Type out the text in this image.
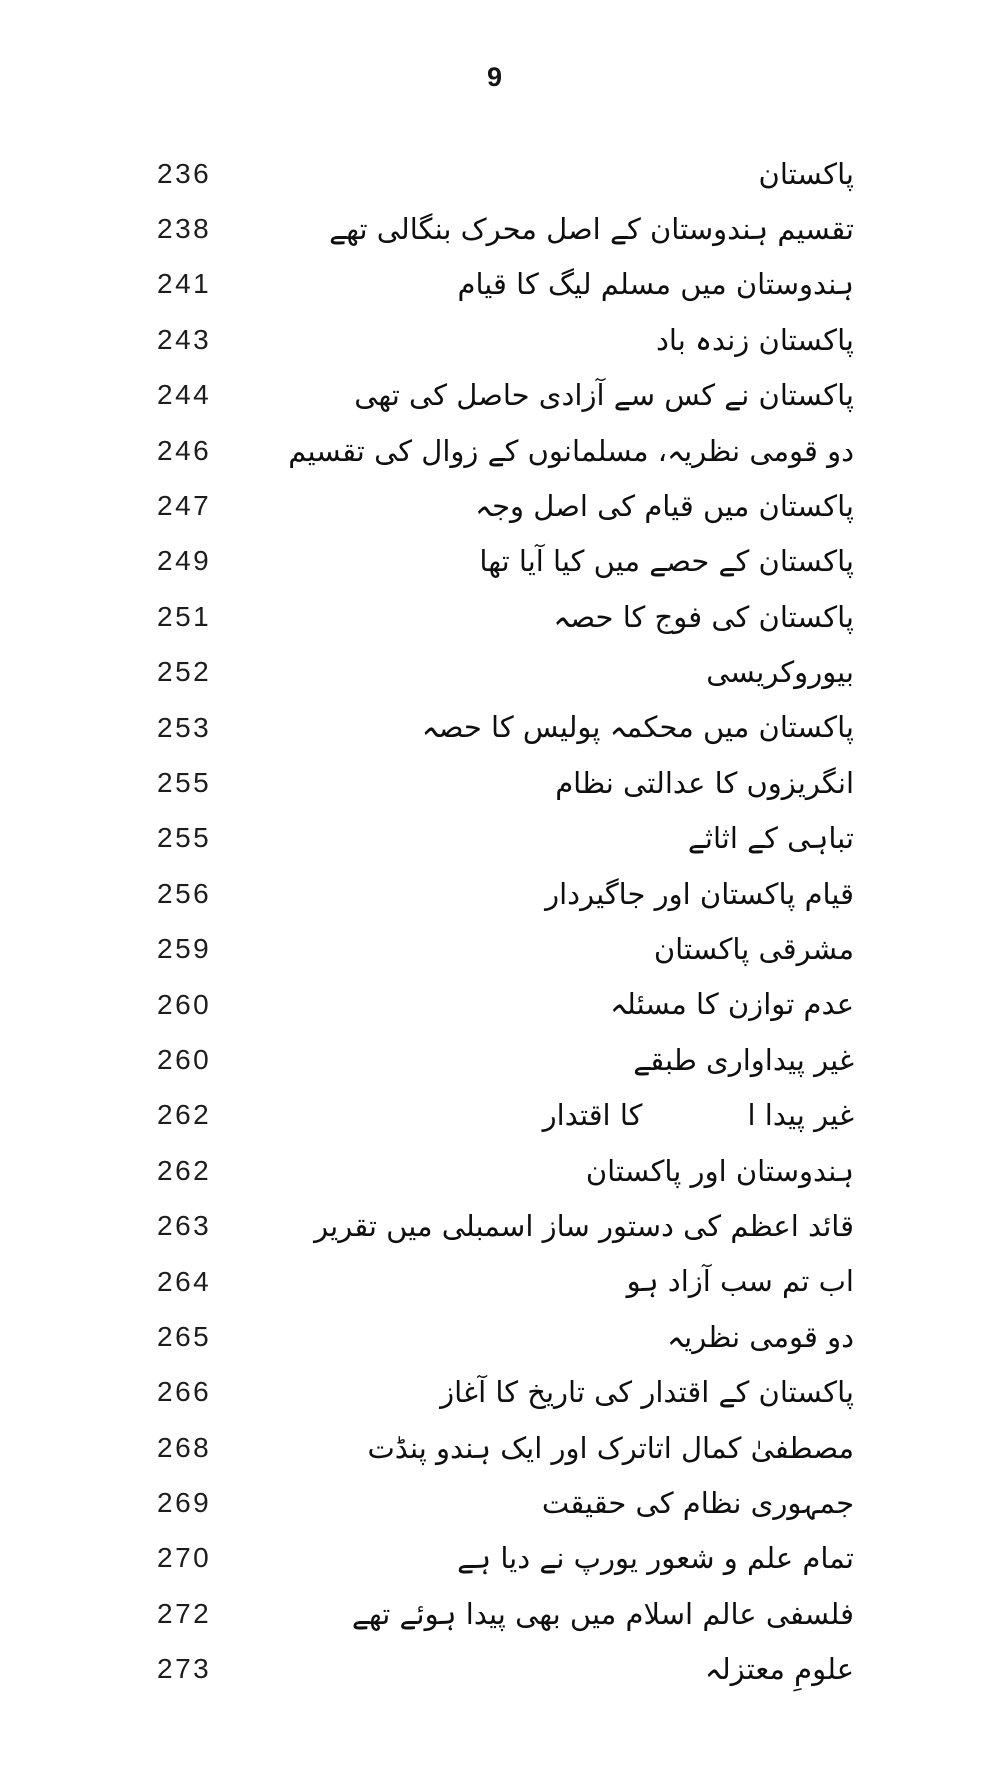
9
236	پاکستان
238	تقسیم ہندوستان کے اصل محرک بنگالی تھے
241	ہندوستان میں مسلم لیگ کا قیام
243	پاکستان زندہ باد
244	پاکستان نے کس سے آزادی حاصل کی تھی
246	دو قومی نظریہ، مسلمانوں کے زوال کی تقسیم
247	پاکستان میں قیام کی اصل وجہ
249	پاکستان کے حصے میں کیا آیا تھا
251	پاکستان کی فوج کا حصہ
252	بیوروکریسی
253	پاکستان میں محکمہ پولیس کا حصہ
255	انگریزوں کا عدالتی نظام
255	تباہی کے اثاثے
256	قیام پاکستان اور جاگیردار
259	مشرقی پاکستان
260	عدم توازن کا مسئلہ
260	غیر پیداواری طبقے
262	غیر پیدا اکا اقتدار
262	ہندوستان اور پاکستان
263	قائد اعظم کی دستور ساز اسمبلی میں تقریر
264	اب تم سب آزاد ہو
265	دو قومی نظریہ
266	پاکستان کے اقتدار کی تاریخ کا آغاز
268	مصطفیٰ کمال اتاترک اور ایک ہندو پنڈت
269	جمہوری نظام کی حقیقت
270	تمام علم و شعور یورپ نے دیا ہے
272	فلسفی عالم اسلام میں بھی پیدا ہوئے تھے
273	علومِ معتزلہ
